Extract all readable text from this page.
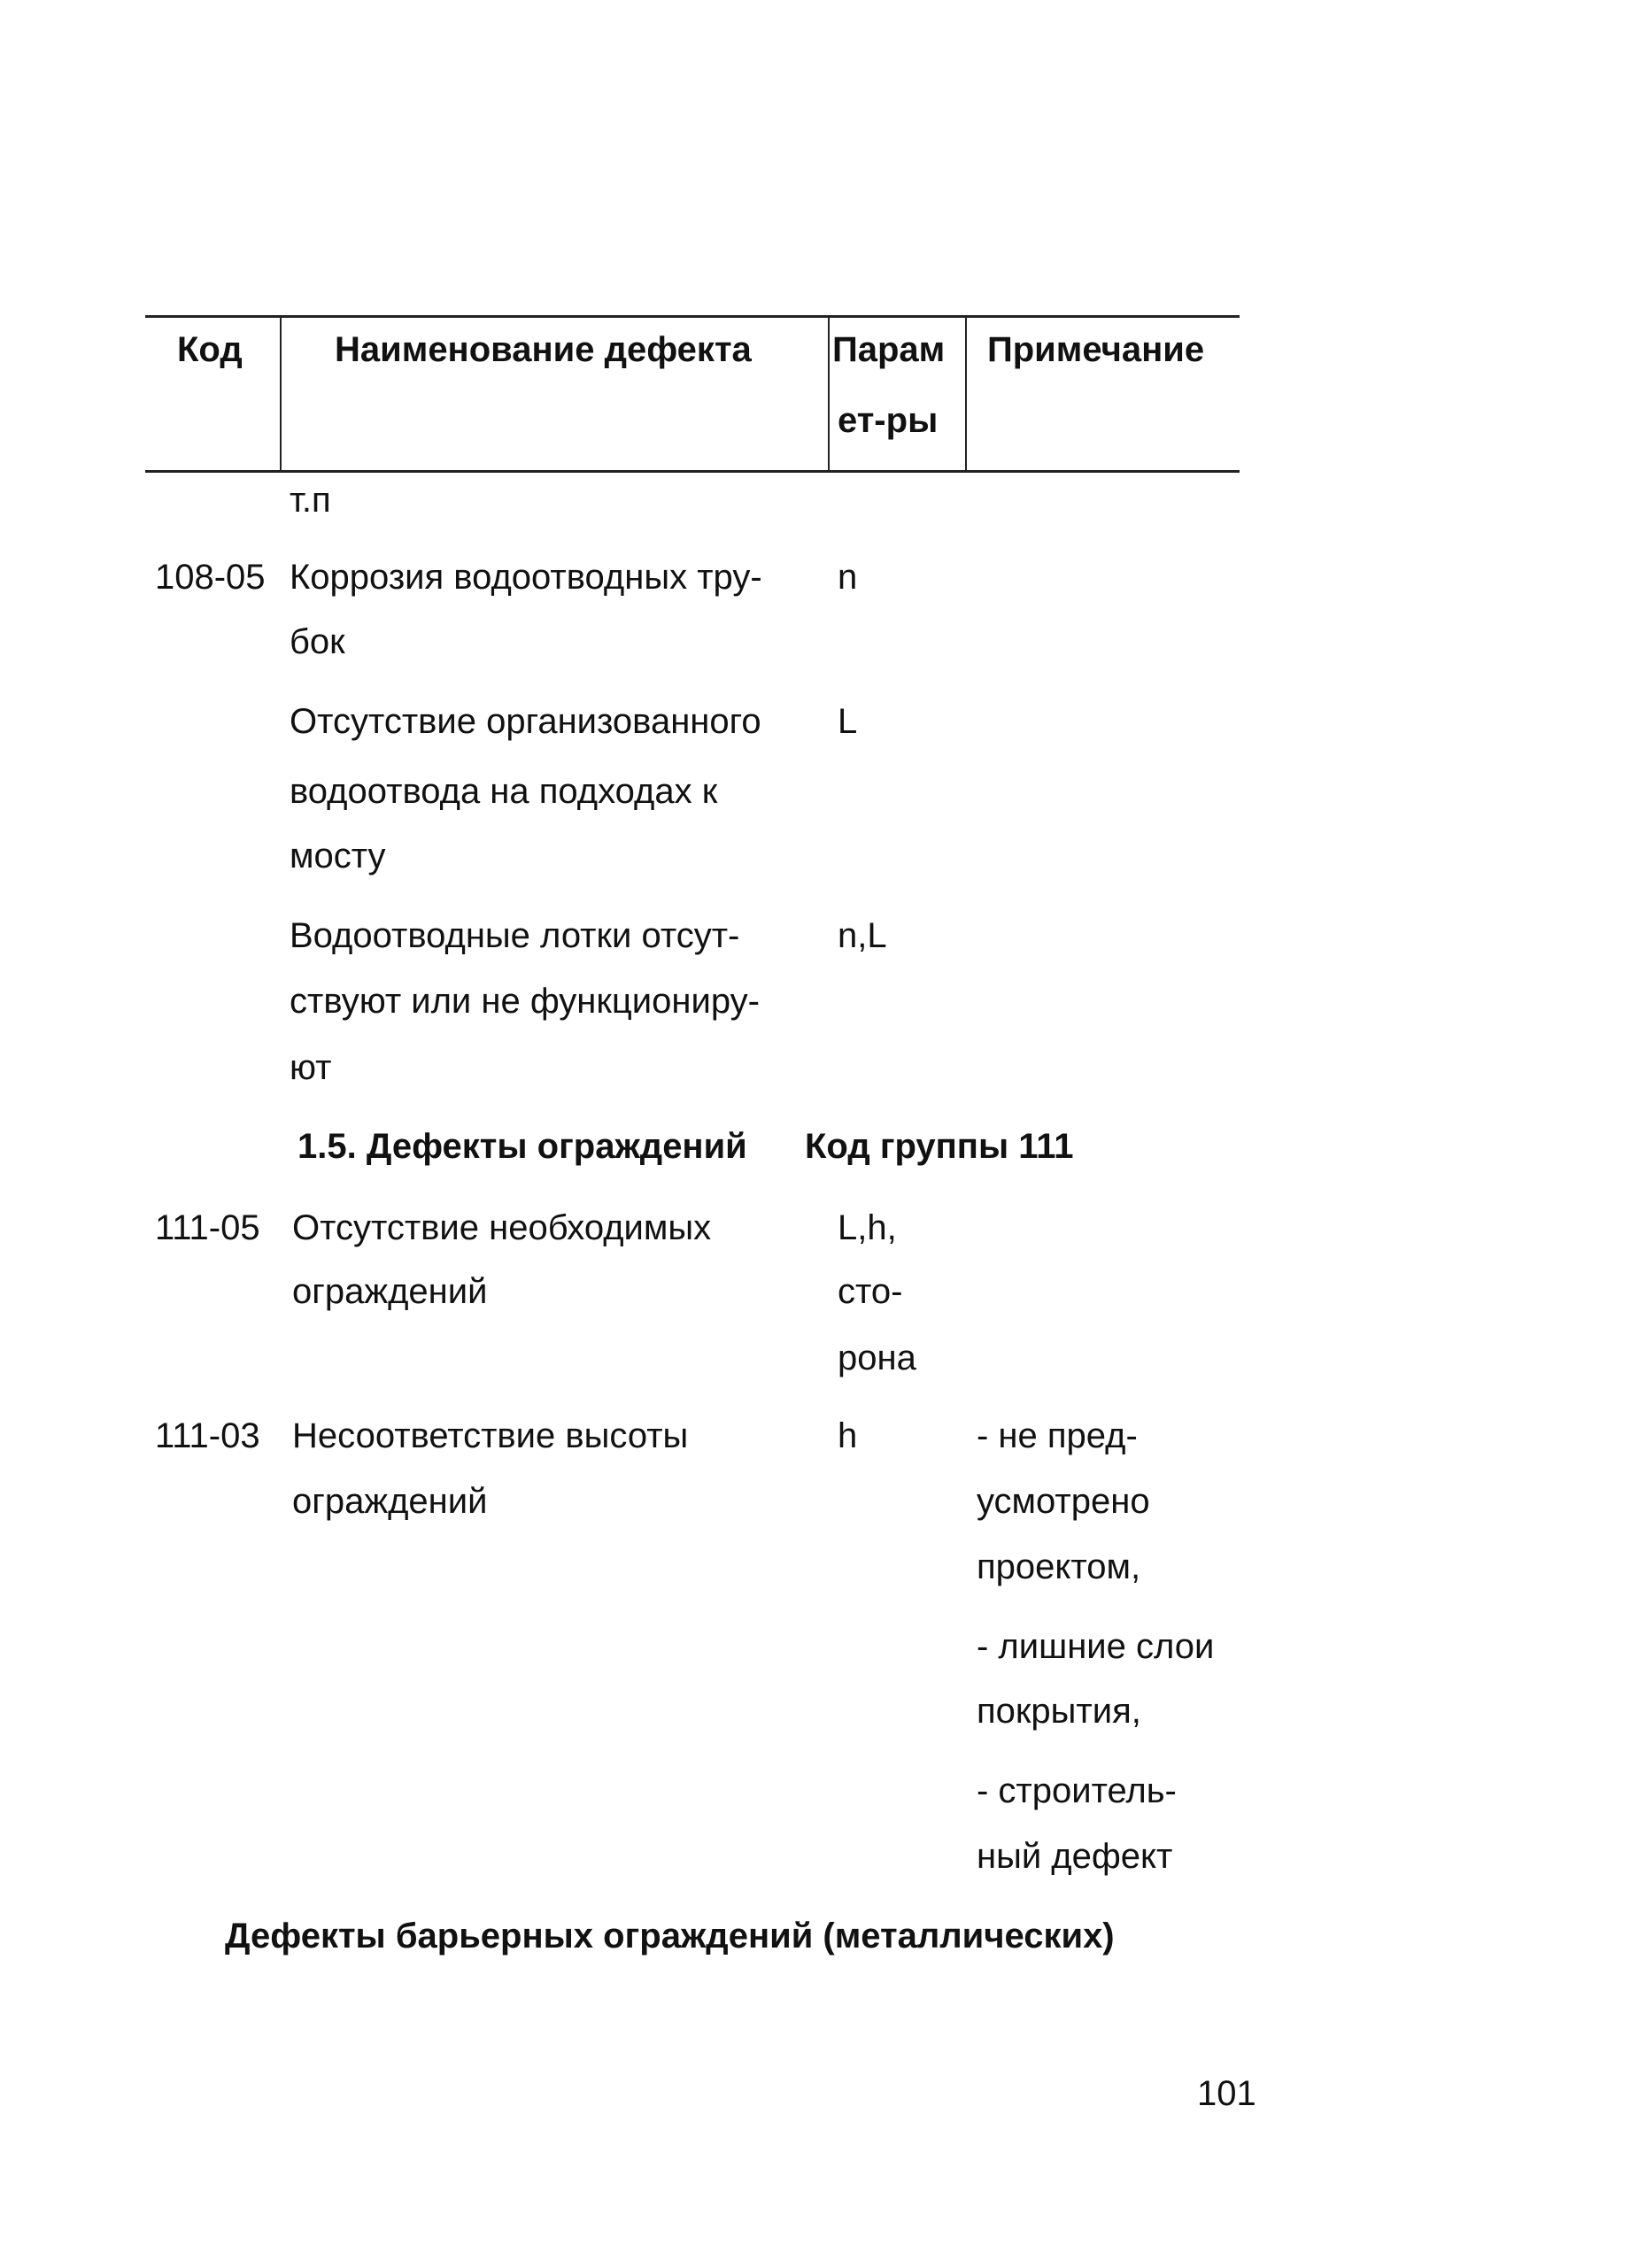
Код	Наименование дефекта Парам
ет-ры
Примечание
т.п
108-05 Коррозия водоотводных тру-
бок
n
Отсутствие организованного
водоотвода на подходах к
мосту
L
Водоотводные лотки отсут-
ствуют или не функциониру-
ют
n,L
1.5. Дефекты ограждений Код группы 111
111-05 Отсутствие необходимых
ограждений
L,h,
сто-
рона
111-03 Несоответствие высоты
ограждений
h	- не пред-
усмотрено
проектом,
- лишние слои
покрытия,
- строитель-
ный дефект
Дефекты барьерных ограждений (металлических)
101
